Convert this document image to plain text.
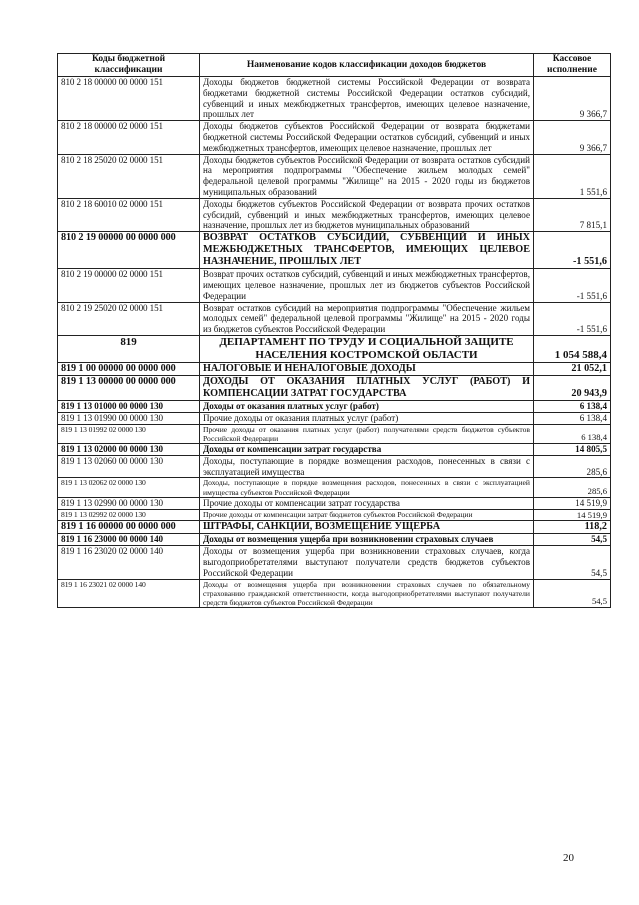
Коды бюджетной классификации	Наименование кодов классификации доходов бюджетов	Кассовое исполнение
810 2 18 00000 00 0000 151	Доходы бюджетов бюджетной системы Российской Федерации от возврата бюджетами бюджетной системы Российской Федерации остатков субсидий, субвенций и иных межбюджетных трансфертов, имеющих целевое назначение, прошлых лет	9 366,7
810 2 18 00000 02 0000 151	Доходы бюджетов субъектов Российской Федерации от возврата бюджетами бюджетной системы Российской Федерации остатков субсидий, субвенций и иных межбюджетных трансфертов, имеющих целевое назначение, прошлых лет	9 366,7
810 2 18 25020 02 0000 151	Доходы бюджетов субъектов Российской Федерации от возврата остатков субсидий на мероприятия подпрограммы "Обеспечение жильем молодых семей" федеральной целевой программы "Жилище" на 2015 - 2020 годы из бюджетов муниципальных образований	1 551,6
810 2 18 60010 02 0000 151	Доходы бюджетов субъектов Российской Федерации от возврата прочих остатков субсидий, субвенций и иных межбюджетных трансфертов, имеющих целевое назначение, прошлых лет из бюджетов муниципальных образований	7 815,1
810 2 19 00000 00 0000 000	ВОЗВРАТ ОСТАТКОВ СУБСИДИЙ, СУБВЕНЦИЙ И ИНЫХ МЕЖБЮДЖЕТНЫХ ТРАНСФЕРТОВ, ИМЕЮЩИХ ЦЕЛЕВОЕ НАЗНАЧЕНИЕ, ПРОШЛЫХ ЛЕТ	-1 551,6
810 2 19 00000 02 0000 151	Возврат прочих остатков субсидий, субвенций и иных межбюджетных трансфертов, имеющих целевое назначение, прошлых лет из бюджетов субъектов Российской Федерации	-1 551,6
810 2 19 25020 02 0000 151	Возврат остатков субсидий на мероприятия подпрограммы "Обеспечение жильем молодых семей" федеральной целевой программы "Жилище" на 2015 - 2020 годы из бюджетов субъектов Российской Федерации	-1 551,6
819	ДЕПАРТАМЕНТ ПО ТРУДУ И СОЦИАЛЬНОЙ ЗАЩИТЕ НАСЕЛЕНИЯ КОСТРОМСКОЙ ОБЛАСТИ	1 054 588,4
819 1 00 00000 00 0000 000	НАЛОГОВЫЕ И НЕНАЛОГОВЫЕ ДОХОДЫ	21 052,1
819 1 13 00000 00 0000 000	ДОХОДЫ ОТ ОКАЗАНИЯ ПЛАТНЫХ УСЛУГ (РАБОТ) И КОМПЕНСАЦИИ ЗАТРАТ ГОСУДАРСТВА	20 943,9
819 1 13 01000 00 0000 130	Доходы от оказания платных услуг (работ)	6 138,4
819 1 13 01990 00 0000 130	Прочие доходы от оказания платных услуг (работ)	6 138,4
819 1 13 01992 02 0000 130	Прочие доходы от оказания платных услуг (работ) получателями средств бюджетов субъектов Российской Федерации	6 138,4
819 1 13 02000 00 0000 130	Доходы от компенсации затрат государства	14 805,5
819 1 13 02060 00 0000 130	Доходы, поступающие в порядке возмещения расходов, понесенных в связи с эксплуатацией имущества	285,6
819 1 13 02062 02 0000 130	Доходы, поступающие в порядке возмещения расходов, понесенных в связи с эксплуатацией имущества субъектов Российской Федерации	285,6
819 1 13 02990 00 0000 130	Прочие доходы от компенсации затрат государства	14 519,9
819 1 13 02992 02 0000 130	Прочие доходы от компенсации затрат бюджетов субъектов Российской Федерации	14 519,9
819 1 16 00000 00 0000 000	ШТРАФЫ, САНКЦИИ, ВОЗМЕЩЕНИЕ УЩЕРБА	118,2
819 1 16 23000 00 0000 140	Доходы от возмещения ущерба при возникновении страховых случаев	54,5
819 1 16 23020 02 0000 140	Доходы от возмещения ущерба при возникновении страховых случаев, когда выгодоприобретателями выступают получатели средств бюджетов субъектов Российской Федерации	54,5
819 1 16 23021 02 0000 140	Доходы от возмещения ущерба при возникновении страховых случаев по обязательному страхованию гражданской ответственности, когда выгодоприобретателями выступают получатели средств бюджетов субъектов Российской Федерации	54,5
20
